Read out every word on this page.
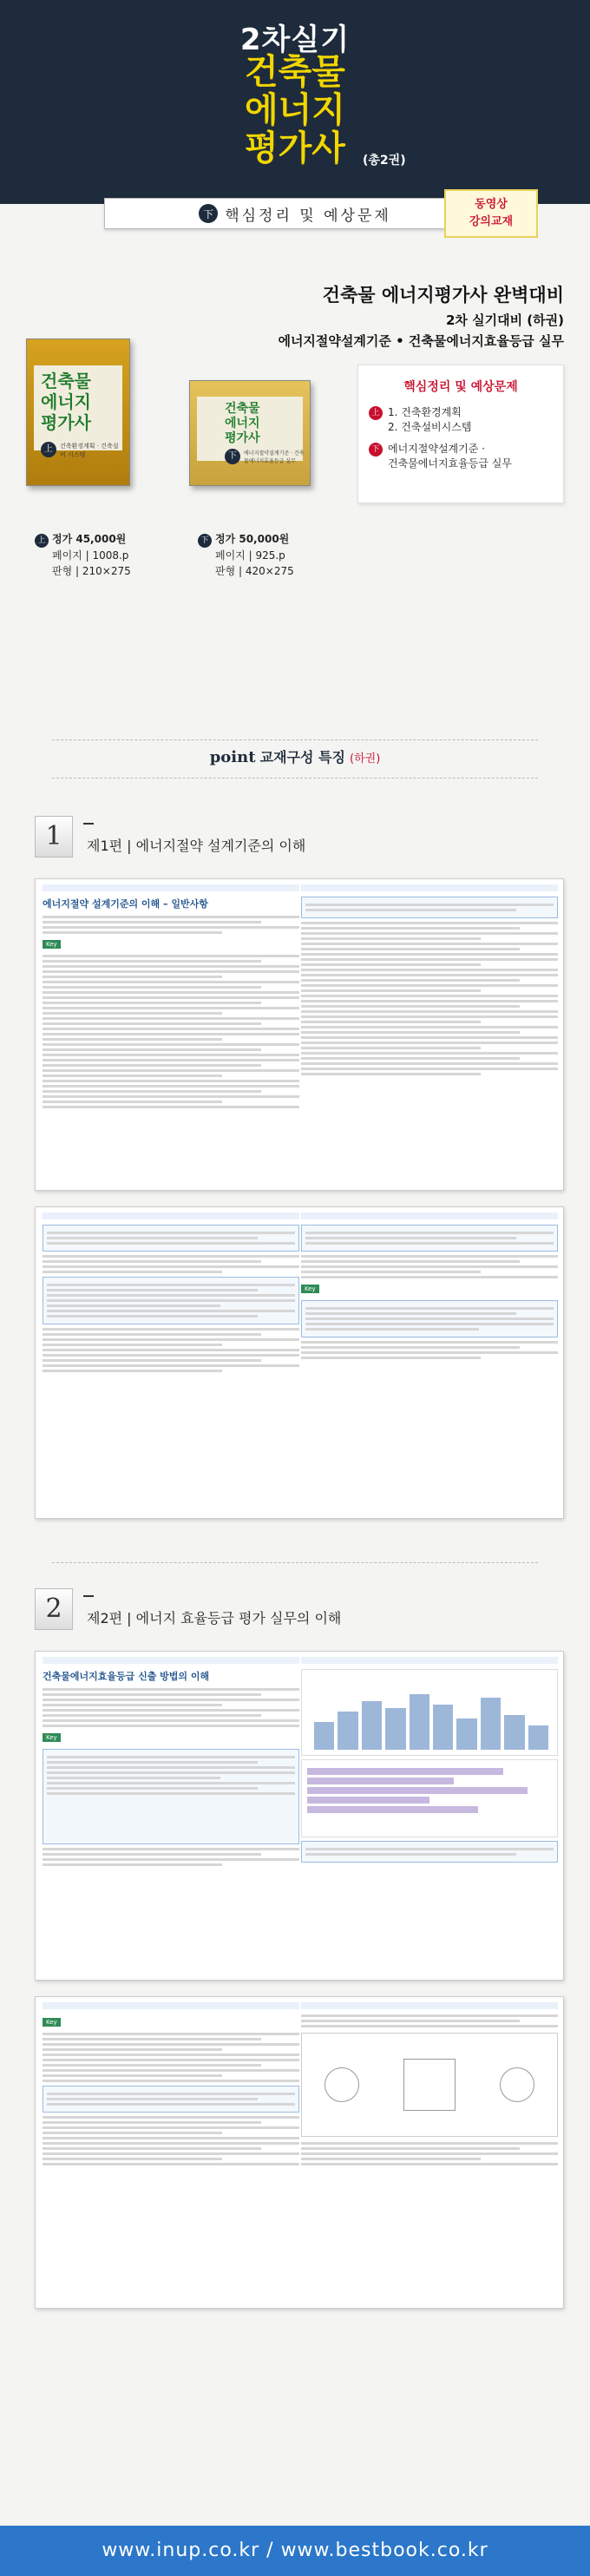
2차실기
건축물
에너지
평가사	(총2권)
下 핵심정리 및 예상문제
동영상
강의교재
건축물 에너지평가사 완벽대비
2차 실기대비 (하권)
에너지절약설계기준 • 건축물에너지효율등급 실무
건축물
에너지
평가사
上	건축환경계획 · 건축설비 시스템
건축물
에너지
평가사
下	에너지절약설계기준 · 건축물에너지효율등급 실무
핵심정리 및 예상문제
上 1. 건축환경계획
2. 건축설비시스템
下 에너지절약설계기준 ·
건축물에너지효율등급 실무
上 정가 45,000원
페이지 | 1008.p
판형 | 210×275
下 정가 50,000원
페이지 | 925.p
판형 | 420×275
point 교재구성 특징 (하권)
1	제1편 | 에너지절약 설계기준의 이해
에너지절약 설계기준의 이해 – 일반사항
Key
Key
2	제2편 | 에너지 효율등급 평가 실무의 이해
건축물에너지효율등급 신출 방법의 이해
Key
Key
www.inup.co.kr / www.bestbook.co.kr
